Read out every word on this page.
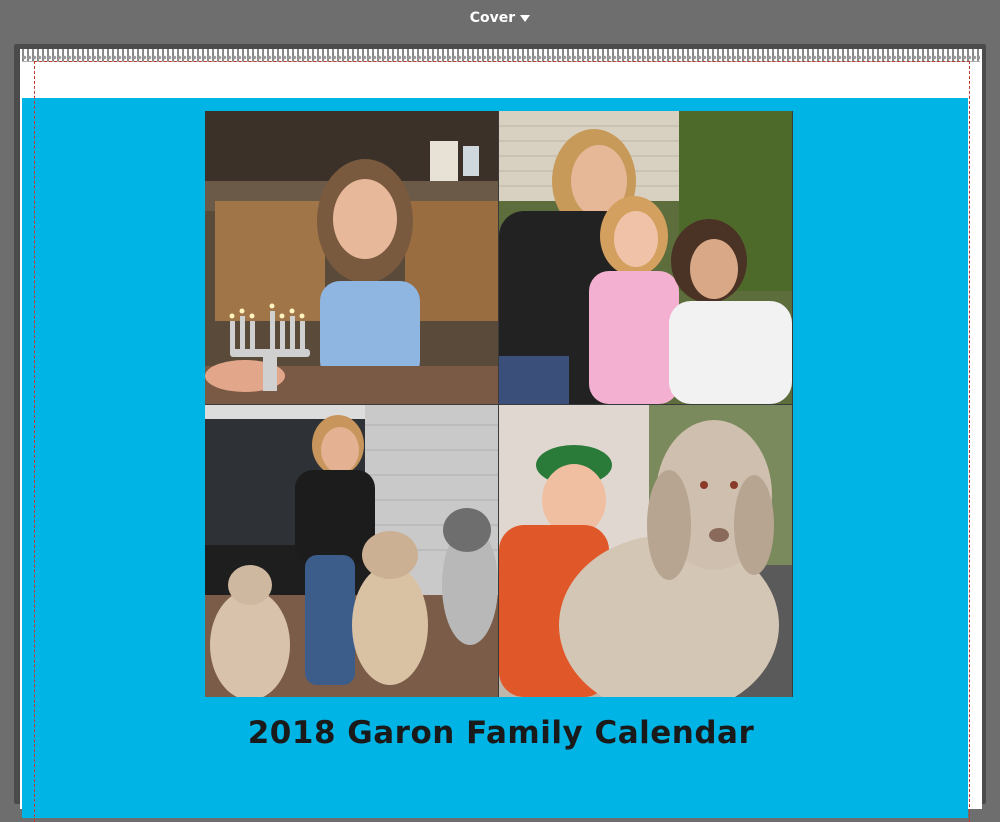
Cover
2018 Garon Family Calendar
